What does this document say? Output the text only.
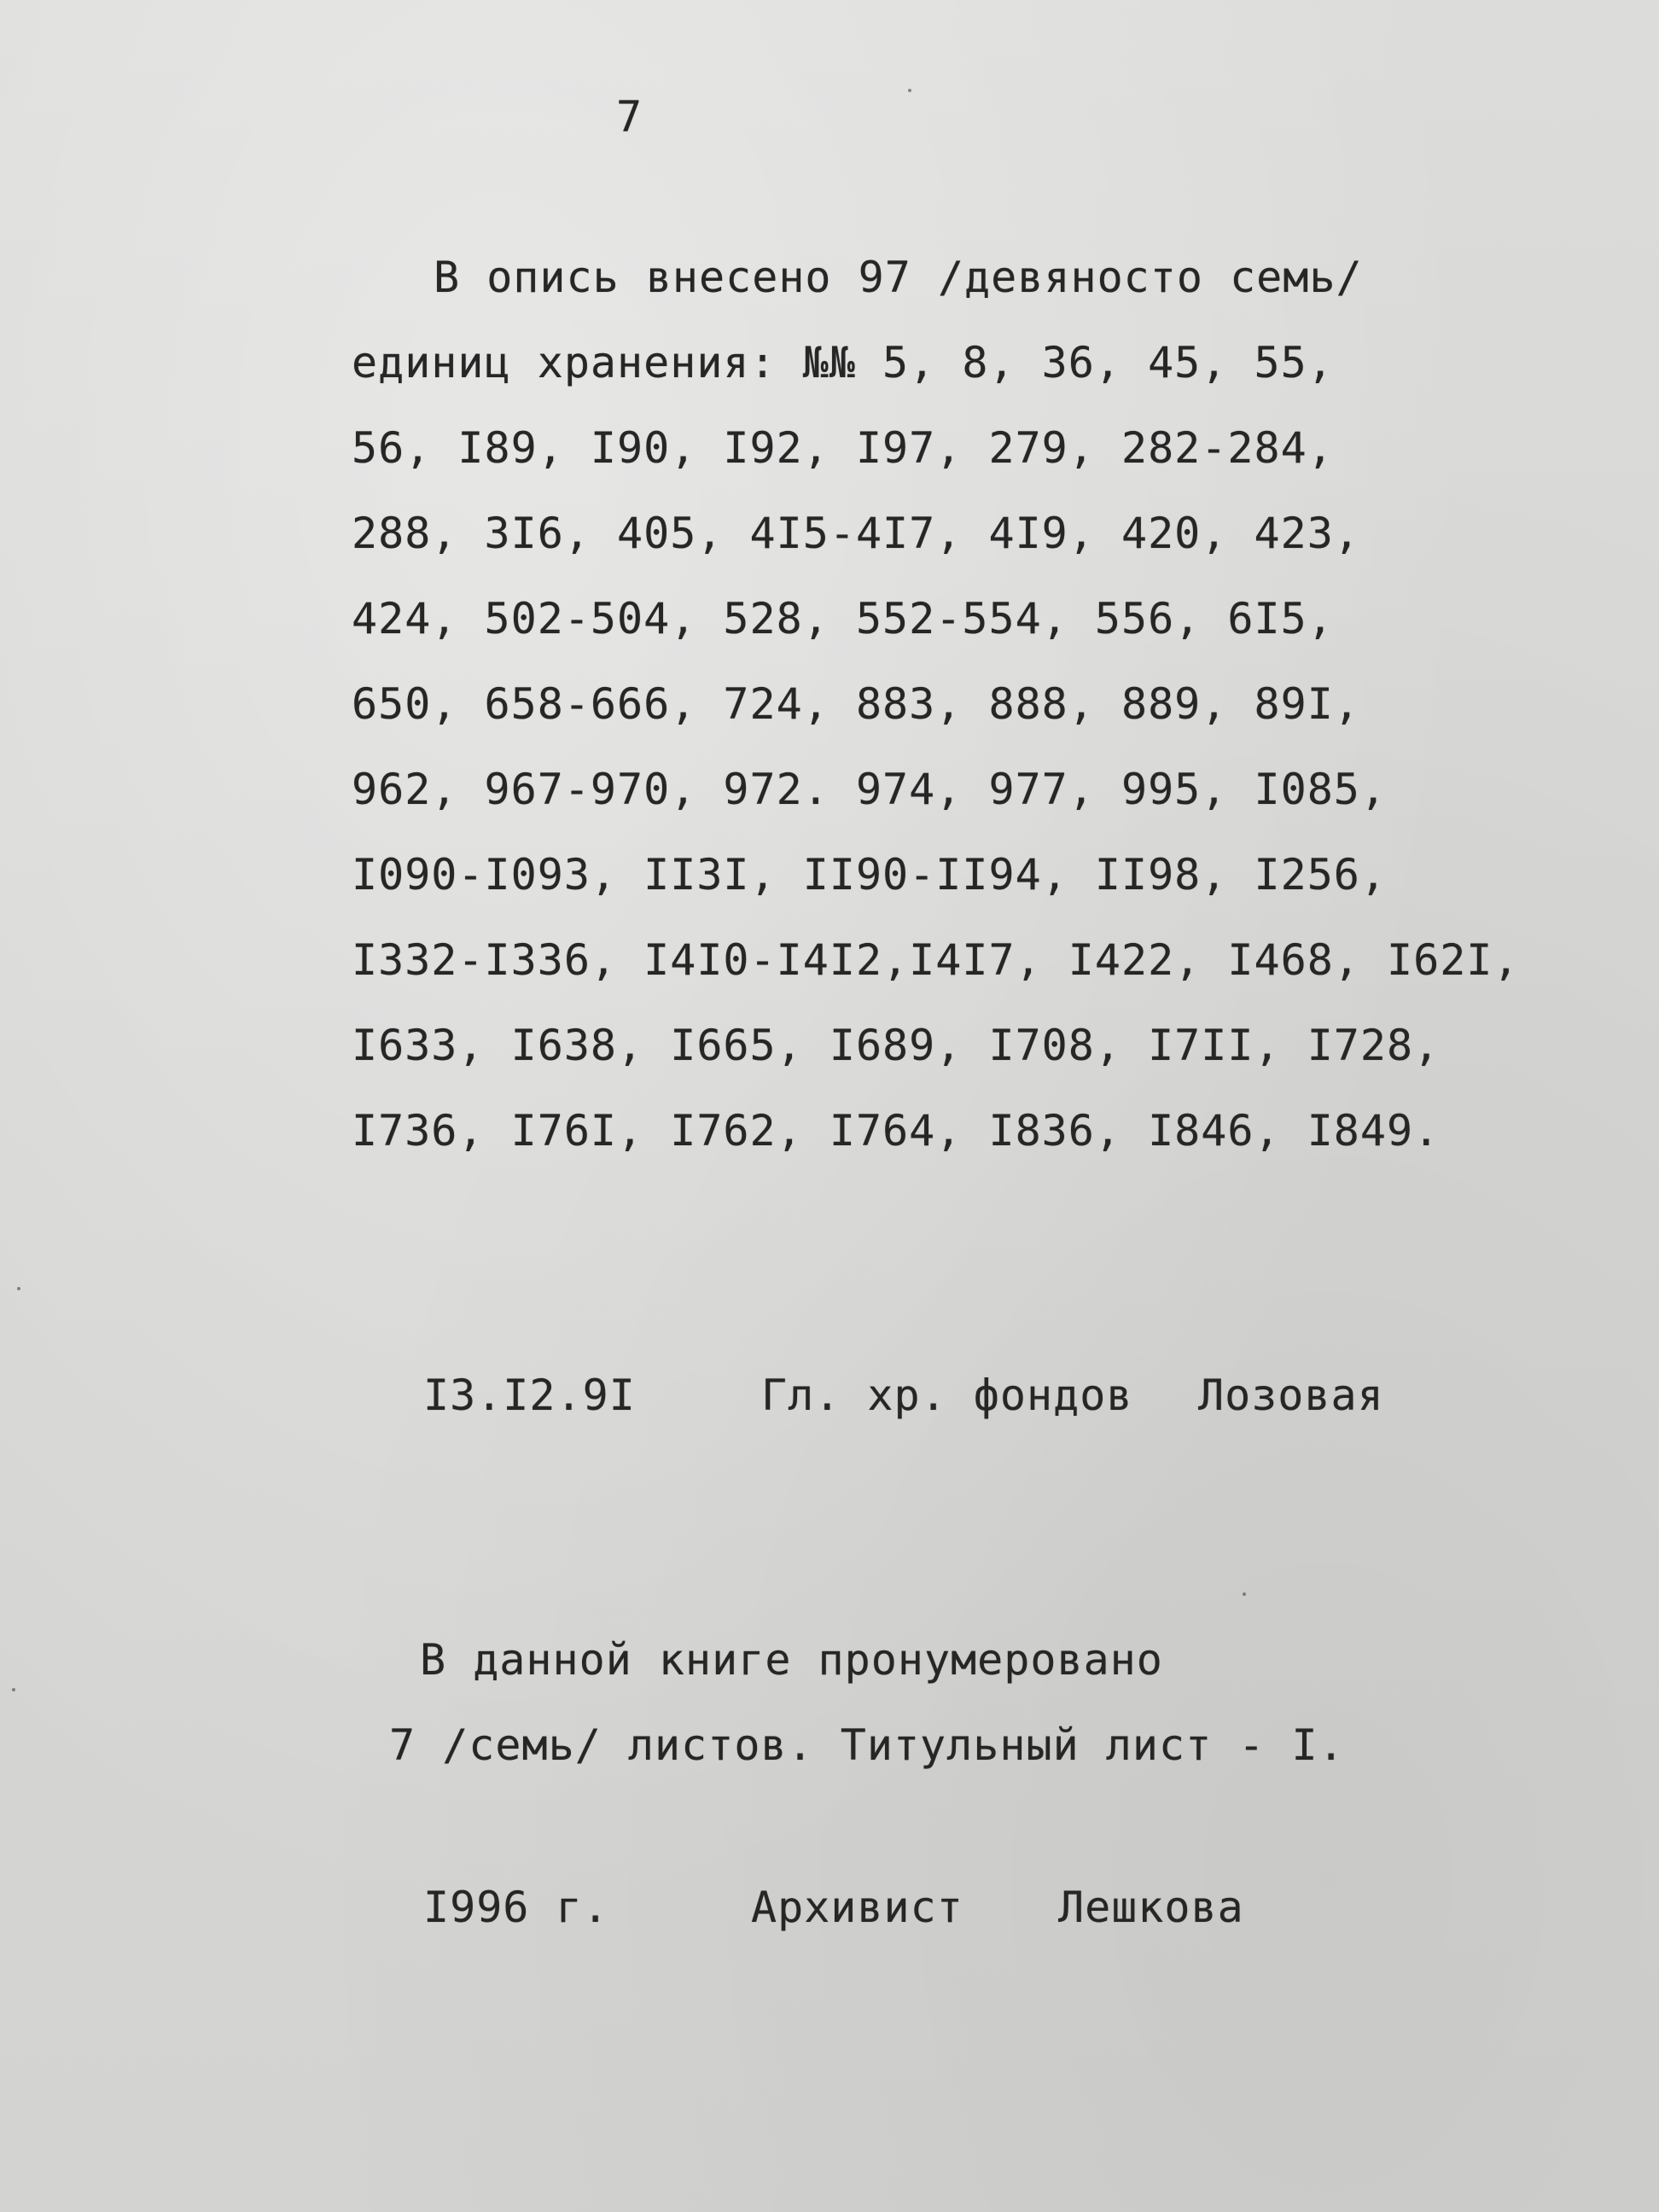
7
В опись внесено 97 /девяносто семь/
единиц хранения: №№ 5, 8, 36, 45, 55,
56, I89, I90, I92, I97, 279, 282-284,
288, 3I6, 405, 4I5-4I7, 4I9, 420, 423,
424, 502-504, 528, 552-554, 556, 6I5,
650, 658-666, 724, 883, 888, 889, 89I,
962, 967-970, 972. 974, 977, 995, I085,
I090-I093, II3I, II90-II94, II98, I256,
I332-I336, I4I0-I4I2,I4I7, I422, I468, I62I,
I633, I638, I665, I689, I708, I7II, I728,
I736, I76I, I762, I764, I836, I846, I849.
I3.I2.9I	Гл. хр. фондов Лозовая
В данной книге пронумеровано
7 /семь/ листов. Титульный лист - I.
I996 г.	Архивист Лешкова
